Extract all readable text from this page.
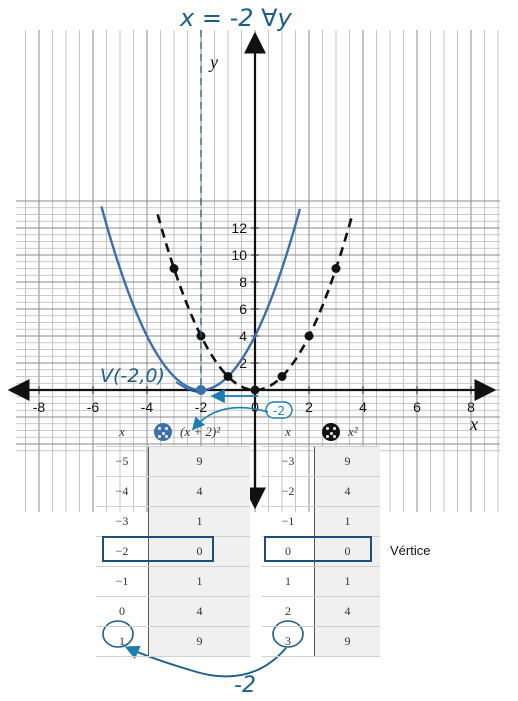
-8	-6	-4	-2	0	2	4	6	8
2
4
6
8
10
12
x
y
x = -2 ∀y
V(-2,0)
-2
-2
x	(x + 2)²
−5	9
−4	4
−3	1
−2	0
−1	1
0	4
1	9
x	x²
−3	9
−2	4
−1	1
0	0
1	1
2	4
3	9
Vértice
